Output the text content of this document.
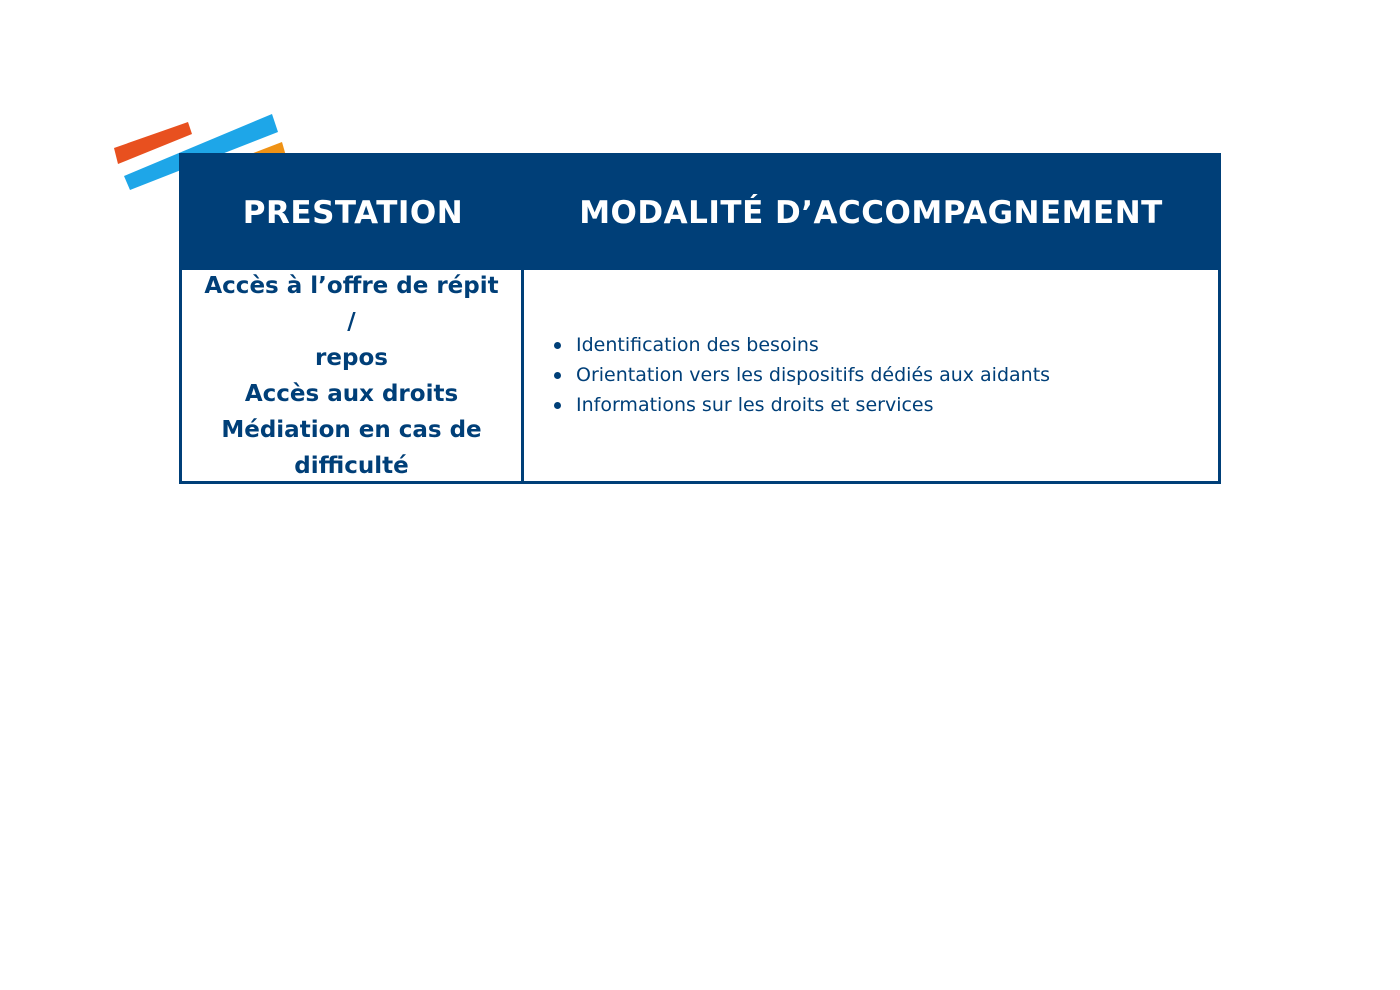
PRESTATION	MODALITÉ D’ACCOMPAGNEMENT
Accès à l’offre de répit /
repos
Accès aux droits
Médiation en cas de
difficulté
Identification des besoins
Orientation vers les dispositifs dédiés aux aidants
Informations sur les droits et services
